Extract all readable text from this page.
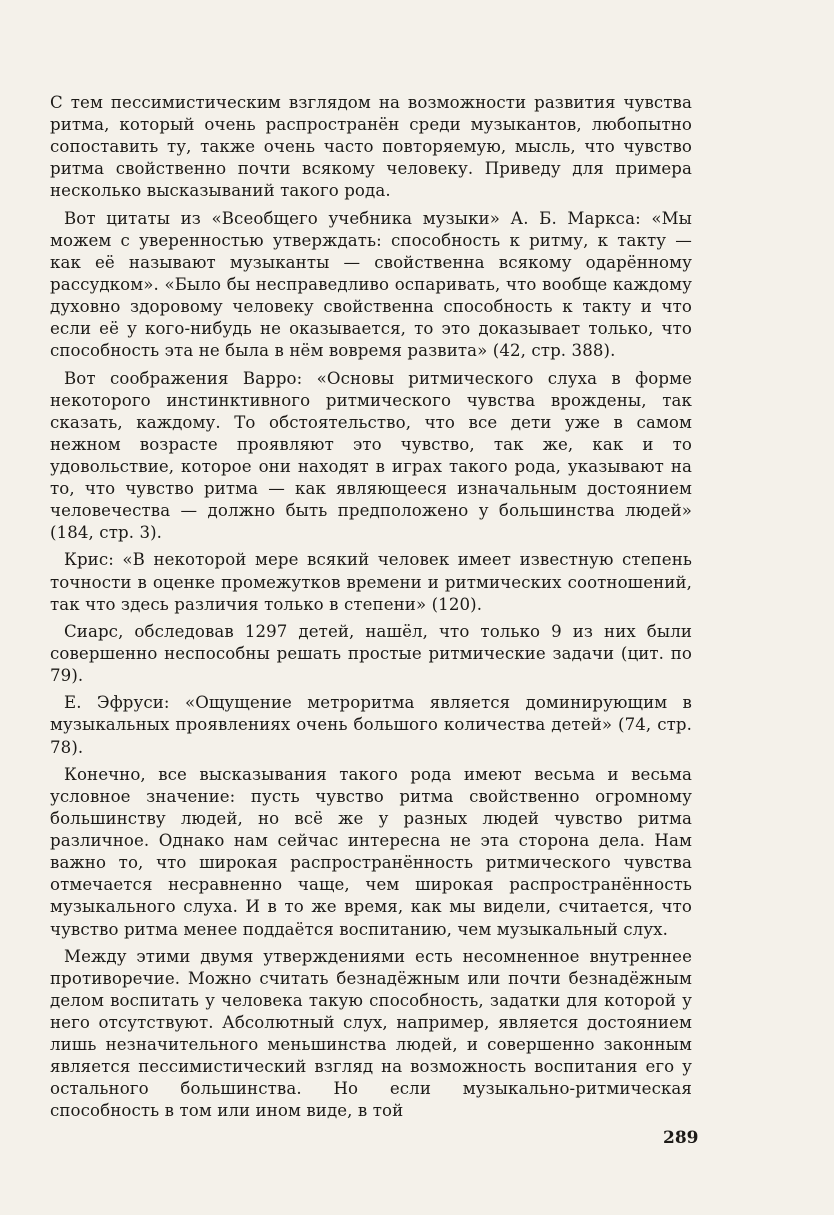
С тем пессимистическим взглядом на возможности развития чувства ритма, который очень распространён среди музыкантов, любопытно сопоставить ту, также очень часто повторяемую, мысль, что чувство ритма свойственно почти всякому человеку. Приведу для примера несколько высказываний такого рода.

Вот цитаты из «Всеобщего учебника музыки» А. Б. Маркса: «Мы можем с уверенностью утверждать: способность к ритму, к такту — как её называют музыканты — свойственна всякому одарённому рассудком». «Было бы несправедливо оспаривать, что вообще каждому духовно здоровому человеку свойственна способность к такту и что если её у кого-нибудь не оказывается, то это доказывает только, что способность эта не была в нём вовремя развита» (42, стр. 388).

Вот соображения Варро: «Основы ритмического слуха в форме некоторого инстинктивного ритмического чувства врождены, так сказать, каждому. То обстоятельство, что все дети уже в самом нежном возрасте проявляют это чувство, так же, как и то удовольствие, которое они находят в играх такого рода, указывают на то, что чувство ритма — как являющееся изначальным достоянием человечества — должно быть предположено у большинства людей» (184, стр. 3).

Крис: «В некоторой мере всякий человек имеет известную степень точности в оценке промежутков времени и ритмических соотношений, так что здесь различия только в степени» (120).

Сиарс, обследовав 1297 детей, нашёл, что только 9 из них были совершенно неспособны решать простые ритмические задачи (цит. по 79).

Е. Эфруси: «Ощущение метроритма является доминирующим в музыкальных проявлениях очень большого количества детей» (74, стр. 78).

Конечно, все высказывания такого рода имеют весьма и весьма условное значение: пусть чувство ритма свойственно огромному большинству людей, но всё же у разных людей чувство ритма различное. Однако нам сейчас интересна не эта сторона дела. Нам важно то, что широкая распространённость ритмического чувства отмечается несравненно чаще, чем широкая распространённость музыкального слуха. И в то же время, как мы видели, считается, что чувство ритма менее поддаётся воспитанию, чем музыкальный слух.

Между этими двумя утверждениями есть несомненное внутреннее противоречие. Можно считать безнадёжным или почти безнадёжным делом воспитать у человека такую способность, задатки для которой у него отсутствуют. Абсолютный слух, например, является достоянием лишь незначительного меньшинства людей, и совершенно законным является пессимистический взгляд на возможность воспитания его у остального большинства. Но если музыкально-ритмическая способность в том или ином виде, в той

289
